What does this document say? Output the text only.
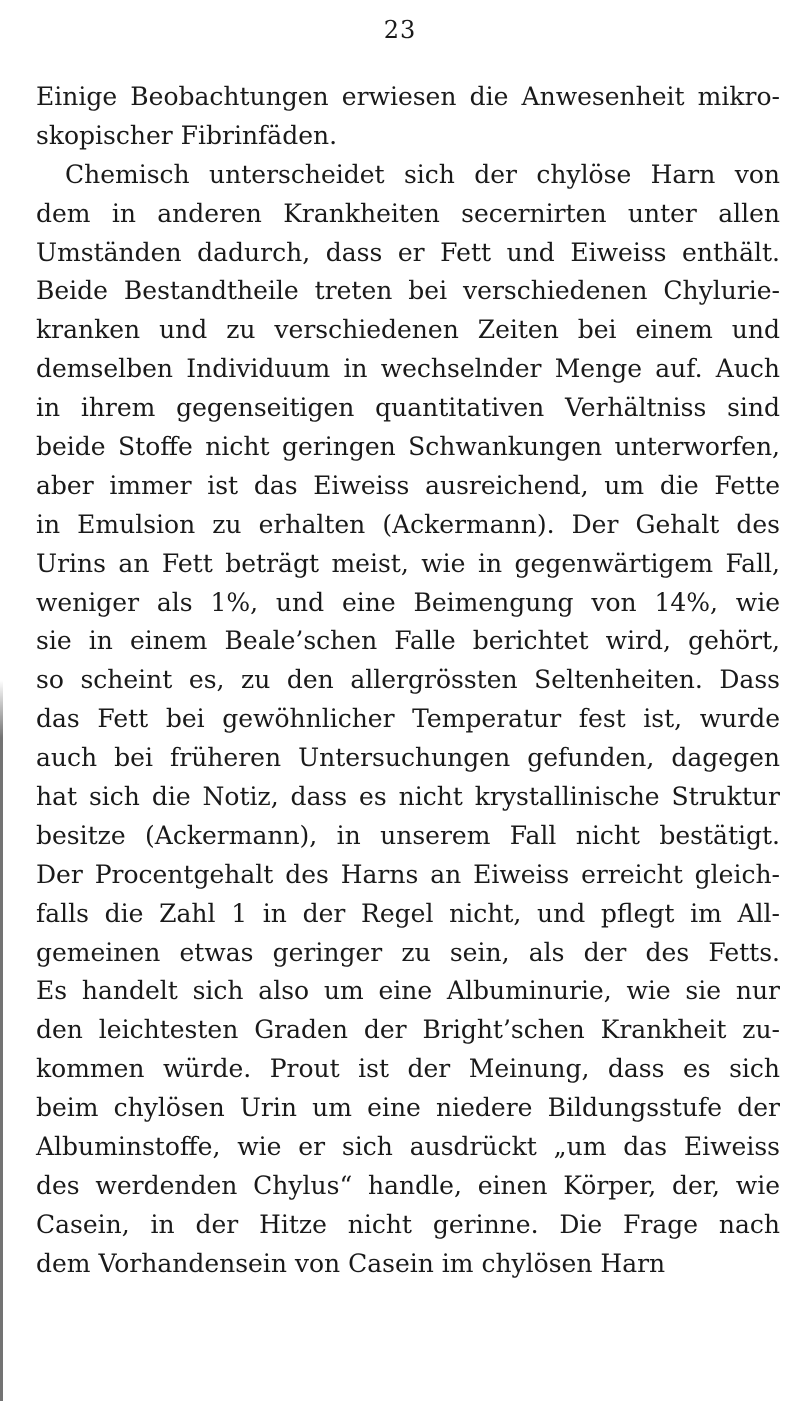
23
Einige Beobachtungen erwiesen die Anwesenheit mikro-
skopischer Fibrinfäden.
Chemisch unterscheidet sich der chylöse Harn von
dem in anderen Krankheiten secernirten unter allen
Umständen dadurch, dass er Fett und Eiweiss enthält.
Beide Bestandtheile treten bei verschiedenen Chylurie-
kranken und zu verschiedenen Zeiten bei einem und
demselben Individuum in wechselnder Menge auf. Auch
in ihrem gegenseitigen quantitativen Verhältniss sind
beide Stoffe nicht geringen Schwankungen unterworfen,
aber immer ist das Eiweiss ausreichend, um die Fette
in Emulsion zu erhalten (Ackermann). Der Gehalt des
Urins an Fett beträgt meist, wie in gegenwärtigem Fall,
weniger als 1%, und eine Beimengung von 14%, wie
sie in einem Beale’schen Falle berichtet wird, gehört,
so scheint es, zu den allergrössten Seltenheiten. Dass
das Fett bei gewöhnlicher Temperatur fest ist, wurde
auch bei früheren Untersuchungen gefunden, dagegen
hat sich die Notiz, dass es nicht krystallinische Struktur
besitze (Ackermann), in unserem Fall nicht bestätigt.
Der Procentgehalt des Harns an Eiweiss erreicht gleich-
falls die Zahl 1 in der Regel nicht, und pflegt im All-
gemeinen etwas geringer zu sein, als der des Fetts.
Es handelt sich also um eine Albuminurie, wie sie nur
den leichtesten Graden der Bright’schen Krankheit zu-
kommen würde. Prout ist der Meinung, dass es sich
beim chylösen Urin um eine niedere Bildungsstufe der
Albuminstoffe, wie er sich ausdrückt „um das Eiweiss
des werdenden Chylus“ handle, einen Körper, der, wie
Casein, in der Hitze nicht gerinne. Die Frage nach
dem Vorhandensein von Casein im chylösen Harn
